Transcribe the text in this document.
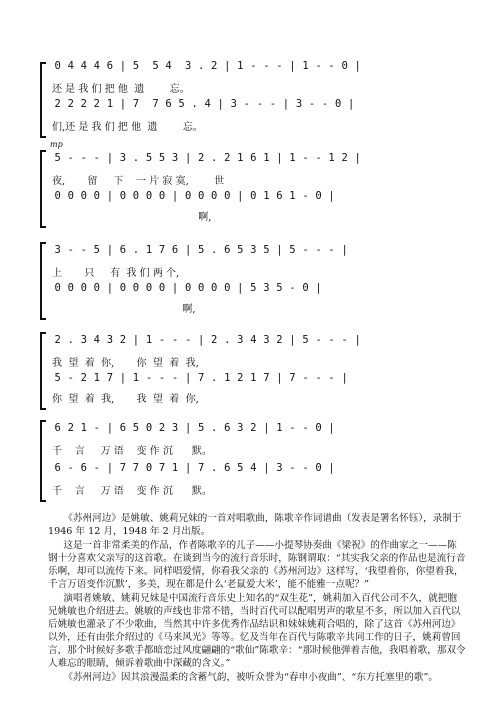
0 4 4 4 6 | 5  5 4  3 . 2 | 1 - - - | 1 - - 0 |
还 是 我 们 把 他  遗        忘。
2 2 2 2 1 | 7  7 6 5 . 4 | 3 - - - | 3 - - 0 |
们,还 是 我 们 把 他  遗        忘。
mp
5 - - - | 3 . 5 5 3 | 2 . 2 1 6 1 | 1 - - 1 2 |
夜,       留     下    一 片 寂 寞,        世
0 0 0 0 | 0 0 0 0 | 0 0 0 0 | 0 1 6 1 - 0 |
啊,
3 - - 5 | 6 . 1 7 6 | 5 . 6 5 3 5 | 5 - - - |
上       只     有  我 们 两 个,
0 0 0 0 | 0 0 0 0 | 0 0 0 0 | 5 3 5 - 0 |
啊,
2 . 3 4 3 2 | 1 - - - | 2 . 3 4 3 2 | 5 - - - |
我  望  着  你,       你  望  着  我,
5 - 2 1 7 | 1 - - - | 7 . 1 2 1 7 | 7 - - - |
你  望  着  我,       我  望  着  你,
6 2 1 - | 6 5 0 2 3 | 5 . 6 3 2 | 1 - - 0 |
千    言     万 语    变 作 沉      默。
6 - 6 - | 7 7 0 7 1 | 7 . 6 5 4 | 3 - - 0 |
千    言     万 语    变 作 沉      默。

《苏州河边》是姚敏、姚莉兄妹的一首对唱歌曲，陈歌辛作词谱曲（发表是署名怀钰），录制于 1946 年 12 月，1948 年 2 月出版。

这是一首非常柔美的作品，作者陈歌辛的儿子——小提琴协奏曲《梁祝》的作曲家之一——陈钢十分喜欢父亲写的这首歌。在谈到当今的流行音乐时，陈钢谓取：“其实我父亲的作品也是流行音乐啊，却可以流传下来。同样唱爱情，你看我父亲的《苏州河边》这样写，‘我望着你，你望着我，千言万语变作沉默’，多美，现在都是什么‘老鼠爱大米’，能不能雅一点呢？”

演唱者姚敏、姚莉兄妹是中国流行音乐史上知名的“双生花”，姚莉加入百代公司不久，就把胞兄姚敏也介绍进去。姚敏的声线也非常不错，当时百代可以配唱男声的歌星不多，所以加入百代以后姚敏也灌录了不少歌曲，当然其中许多优秀作品结识和妹妹姚莉合唱的，除了这首《苏州河边》以外，还有由张介绍过的《马来风光》等等。忆及当年在百代与陈歌辛共同工作的日子，姚莉曾回言，那个时候好多歌手都暗恋过风度翩翩的“歌仙”陈歌辛：“那时候他弹着吉他，我唱着歌，那双令人难忘的眼睛，倾诉着歌曲中深藏的含义。”

《苏州河边》因其浪漫温柔的含蓄气韵，被听众誉为“春申小夜曲”、“东方托塞里的歌”。
